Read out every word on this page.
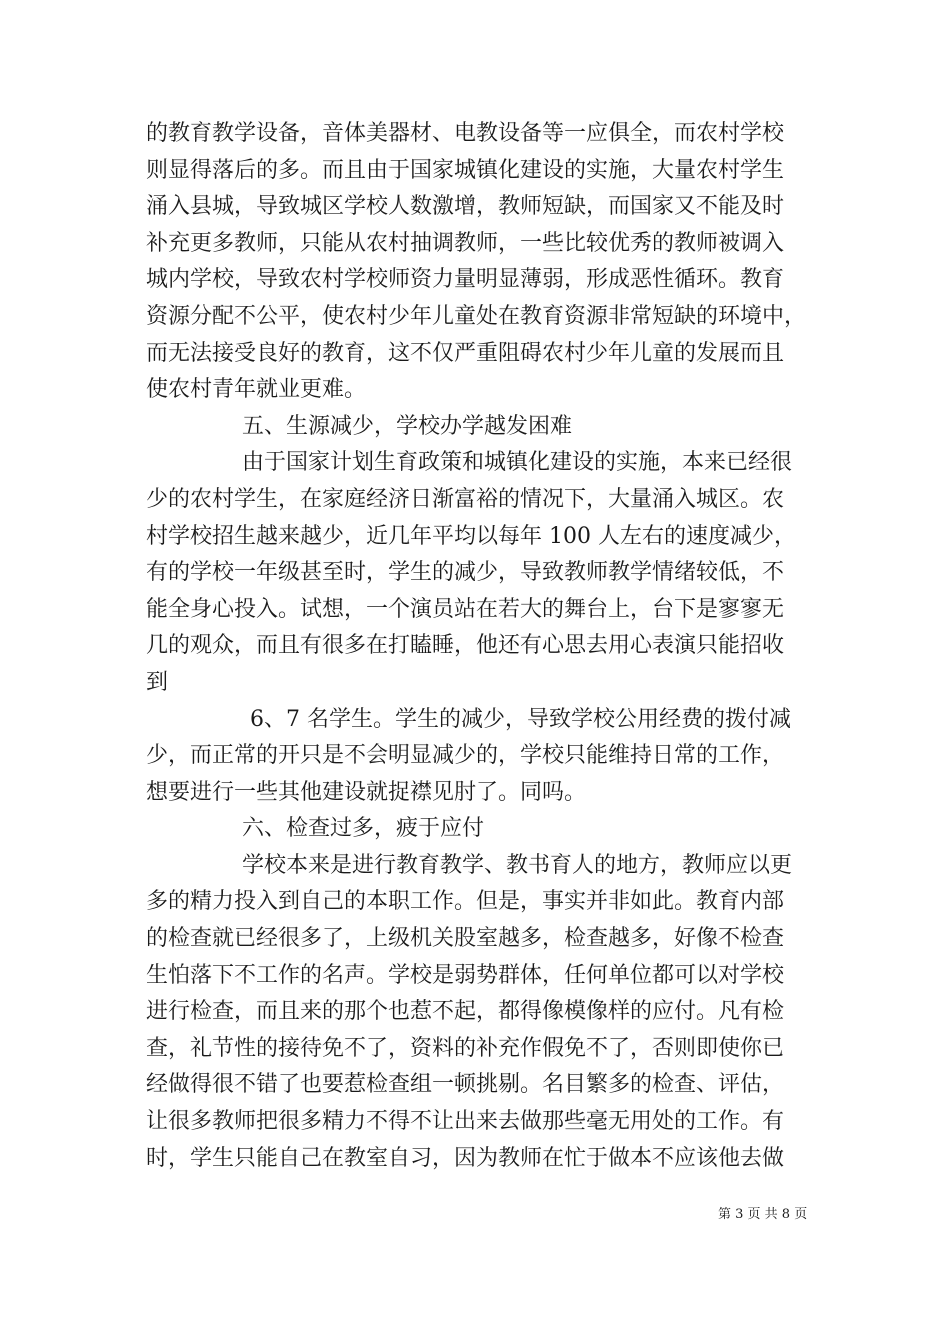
的教育教学设备，音体美器材、电教设备等一应俱全，而农村学校
则显得落后的多。而且由于国家城镇化建设的实施，大量农村学生
涌入县城，导致城区学校人数激增，教师短缺，而国家又不能及时
补充更多教师，只能从农村抽调教师，一些比较优秀的教师被调入
城内学校，导致农村学校师资力量明显薄弱，形成恶性循环。教育
资源分配不公平，使农村少年儿童处在教育资源非常短缺的环境中，
而无法接受良好的教育，这不仅严重阻碍农村少年儿童的发展而且
使农村青年就业更难。
五、生源减少，学校办学越发困难
由于国家计划生育政策和城镇化建设的实施，本来已经很
少的农村学生，在家庭经济日渐富裕的情况下，大量涌入城区。农
村学校招生越来越少，近几年平均以每年 100 人左右的速度减少，
有的学校一年级甚至时，学生的减少，导致教师教学情绪较低，不
能全身心投入。试想，一个演员站在若大的舞台上，台下是寥寥无
几的观众，而且有很多在打瞌睡，他还有心思去用心表演只能招收
到
6、7 名学生。学生的减少，导致学校公用经费的拨付减
少，而正常的开只是不会明显减少的，学校只能维持日常的工作，
想要进行一些其他建设就捉襟见肘了。同吗。
六、检查过多，疲于应付
学校本来是进行教育教学、教书育人的地方，教师应以更
多的精力投入到自己的本职工作。但是，事实并非如此。教育内部
的检查就已经很多了，上级机关股室越多，检查越多，好像不检查
生怕落下不工作的名声。学校是弱势群体，任何单位都可以对学校
进行检查，而且来的那个也惹不起，都得像模像样的应付。凡有检
查，礼节性的接待免不了，资料的补充作假免不了，否则即使你已
经做得很不错了也要惹检查组一顿挑剔。名目繁多的检查、评估，
让很多教师把很多精力不得不让出来去做那些毫无用处的工作。有
时，学生只能自己在教室自习，因为教师在忙于做本不应该他去做
第 3 页 共 8 页
